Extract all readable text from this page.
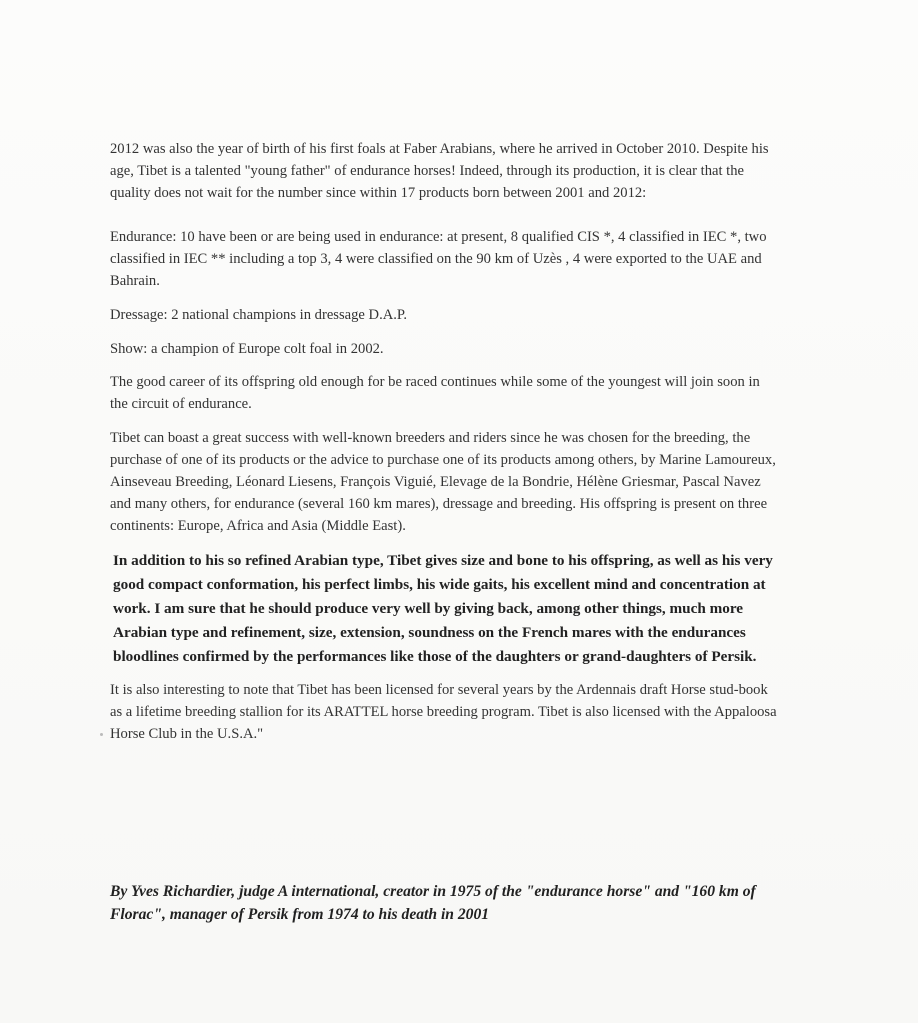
2012 was also the year of birth of his first foals at Faber Arabians, where he arrived in October 2010. Despite his age, Tibet is a talented "young father" of endurance horses! Indeed, through its production, it is clear that the quality does not wait for the number since within 17 products born between 2001 and 2012:

Endurance: 10 have been or are being used in endurance: at present, 8 qualified CIS *, 4 classified in IEC *, two classified in IEC ** including a top 3, 4 were classified on the 90 km of Uzès , 4 were exported to the UAE and Bahrain.

Dressage: 2 national champions in dressage D.A.P.

Show: a champion of Europe colt foal in 2002.

The good career of its offspring old enough for be raced continues while some of the youngest will join soon in the circuit of endurance.

Tibet can boast a great success with well-known breeders and riders since he was chosen for the breeding, the purchase of one of its products or the advice to purchase one of its products among others, by Marine Lamoureux, Ainseveau Breeding, Léonard Liesens, François Viguié, Elevage de la Bondrie, Hélène Griesmar, Pascal Navez and many others, for endurance (several 160 km mares), dressage and breeding. His offspring is present on three continents: Europe, Africa and Asia (Middle East).

In addition to his so refined Arabian type, Tibet gives size and bone to his offspring, as well as his very good compact conformation, his perfect limbs, his wide gaits, his excellent mind and concentration at work. I am sure that he should produce very well by giving back, among other things, much more Arabian type and refinement, size, extension, soundness on the French mares with the endurances bloodlines confirmed by the performances like those of the daughters or grand-daughters of Persik.

It is also interesting to note that Tibet has been licensed for several years by the Ardennais draft Horse stud-book as a lifetime breeding stallion for its ARATTEL horse breeding program. Tibet is also licensed with the Appaloosa Horse Club in the U.S.A."

By Yves Richardier, judge A international, creator in 1975 of the "endurance horse" and "160 km of Florac", manager of Persik from 1974 to his death in 2001
